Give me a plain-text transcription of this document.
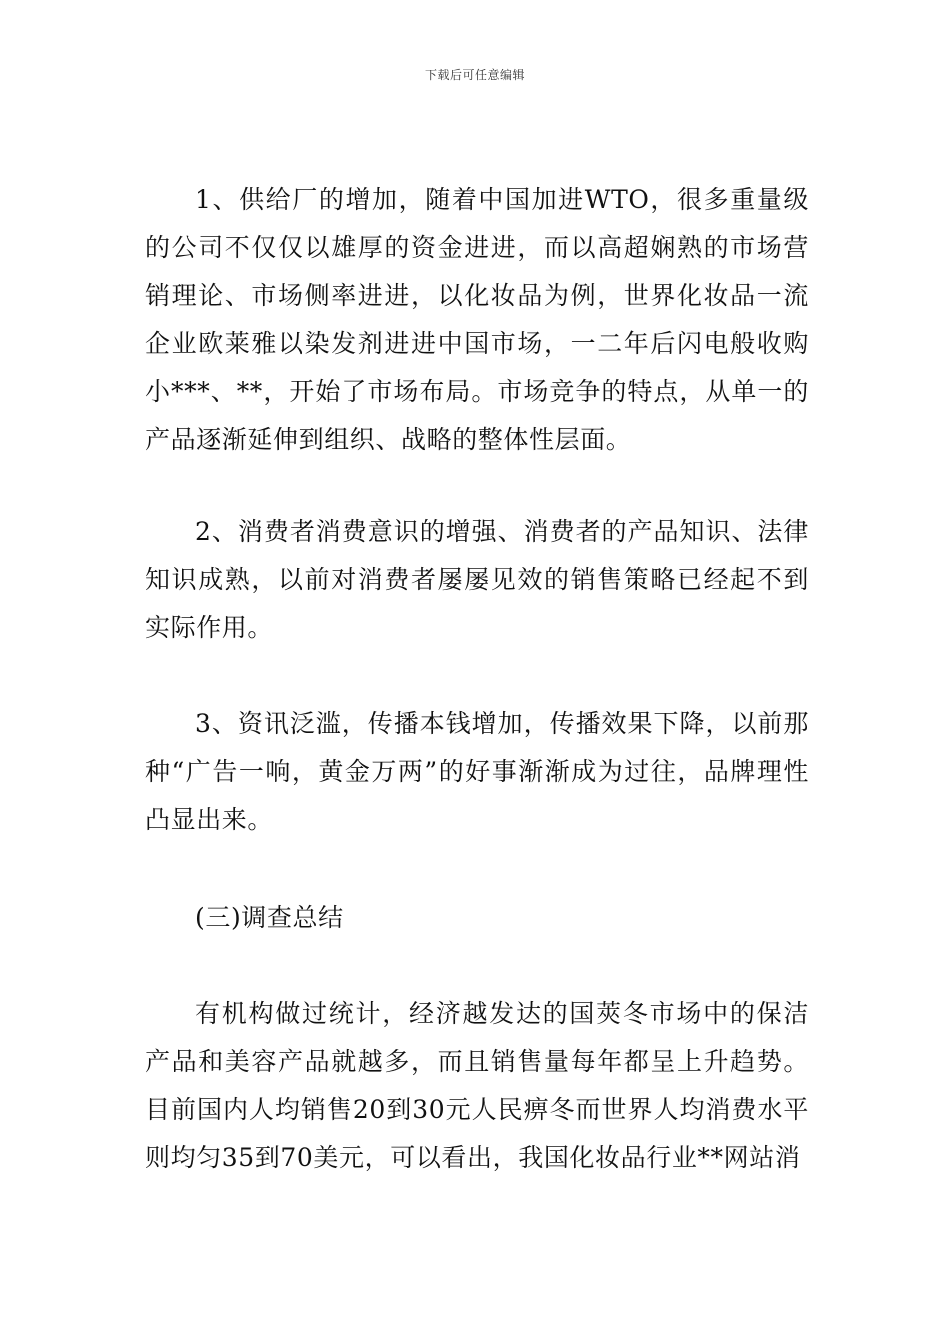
下载后可任意编辑

1、供给厂的增加，随着中国加进WTO，很多重量级的公司不仅仅以雄厚的资金进进，而以高超娴熟的市场营销理论、市场侧率进进，以化妆品为例，世界化妆品一流企业欧莱雅以染发剂进进中国市场，一二年后闪电般收购小***、**，开始了市场布局。市场竞争的特点，从单一的产品逐渐延伸到组织、战略的整体性层面。

2、消费者消费意识的增强、消费者的产品知识、法律知识成熟，以前对消费者屡屡见效的销售策略已经起不到实际作用。

3、资讯泛滥，传播本钱增加，传播效果下降，以前那种“广告一响，黄金万两”的好事渐渐成为过往，品牌理性凸显出来。

(三)调查总结

有机构做过统计，经济越发达的国莢冬市场中的保洁产品和美容产品就越多，而且销售量每年都呈上升趋势。目前国内人均销售20到30元人民痹冬而世界人均消费水平则均匀35到70美元，可以看出，我国化妆品行业**网站消
